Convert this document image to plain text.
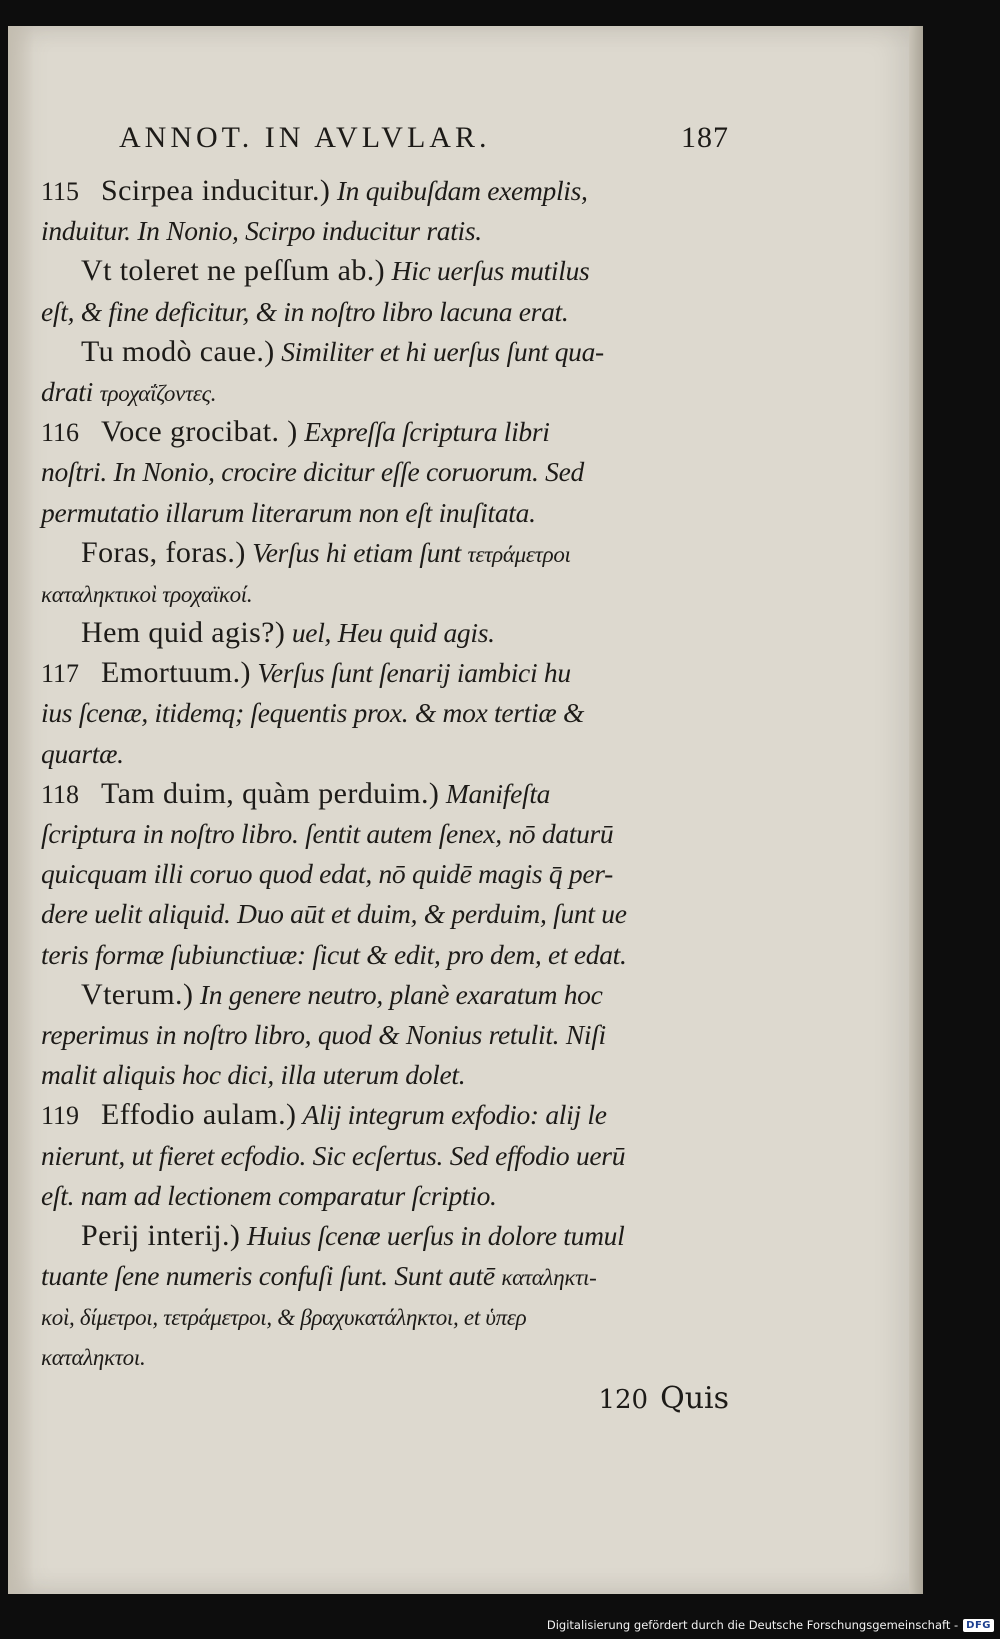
ANNOT. IN AVLVLAR.	187
115 Scirpea inducitur.) In quibuſdam exemplis,
induitur. In Nonio, Scirpo inducitur ratis.
Vt toleret ne peſſum ab.) Hic uerſus mutilus
eſt, & fine deficitur, & in noſtro libro lacuna erat.
Tu modò caue.) Similiter et hi uerſus ſunt qua-
drati τροχαΐζοντες.
116 Voce grocibat. ) Expreſſa ſcriptura libri
noſtri. In Nonio, crocire dicitur eſſe coruorum. Sed
permutatio illarum literarum non eſt inuſitata.
Foras, foras.) Verſus hi etiam ſunt τετράμετροι
καταληκτικοὶ τροχαϊκοί.
Hem quid agis?) uel, Heu quid agis.
117 Emortuum.) Verſus ſunt ſenarij iambici hu
ius ſcenæ, itidemq; ſequentis prox. & mox tertiæ &
quartæ.
118 Tam duim, quàm perduim.) Manifeſta
ſcriptura in noſtro libro. ſentit autem ſenex, nō daturū
quicquam illi coruo quod edat, nō quidē magis q̄ per-
dere uelit aliquid. Duo aūt et duim, & perduim, ſunt ue
teris formæ ſubiunctiuæ: ſicut & edit, pro dem, et edat.
Vterum.) In genere neutro, planè exaratum hoc
reperimus in noſtro libro, quod & Nonius retulit. Niſi
malit aliquis hoc dici, illa uterum dolet.
119 Effodio aulam.) Alij integrum exfodio: alij le
nierunt, ut fieret ecfodio. Sic ecſertus. Sed effodio uerū
eſt. nam ad lectionem comparatur ſcriptio.
Perij interij.) Huius ſcenæ uerſus in dolore tumul
tuante ſene numeris confuſi ſunt. Sunt autē καταληκτι-
κοὶ, δίμετροι, τετράμετροι, & βραχυκατάληκτοι, et ὑπερ
καταληκτοι.
120 Quis
Digitalisierung gefördert durch die Deutsche Forschungsgemeinschaft - DFG
